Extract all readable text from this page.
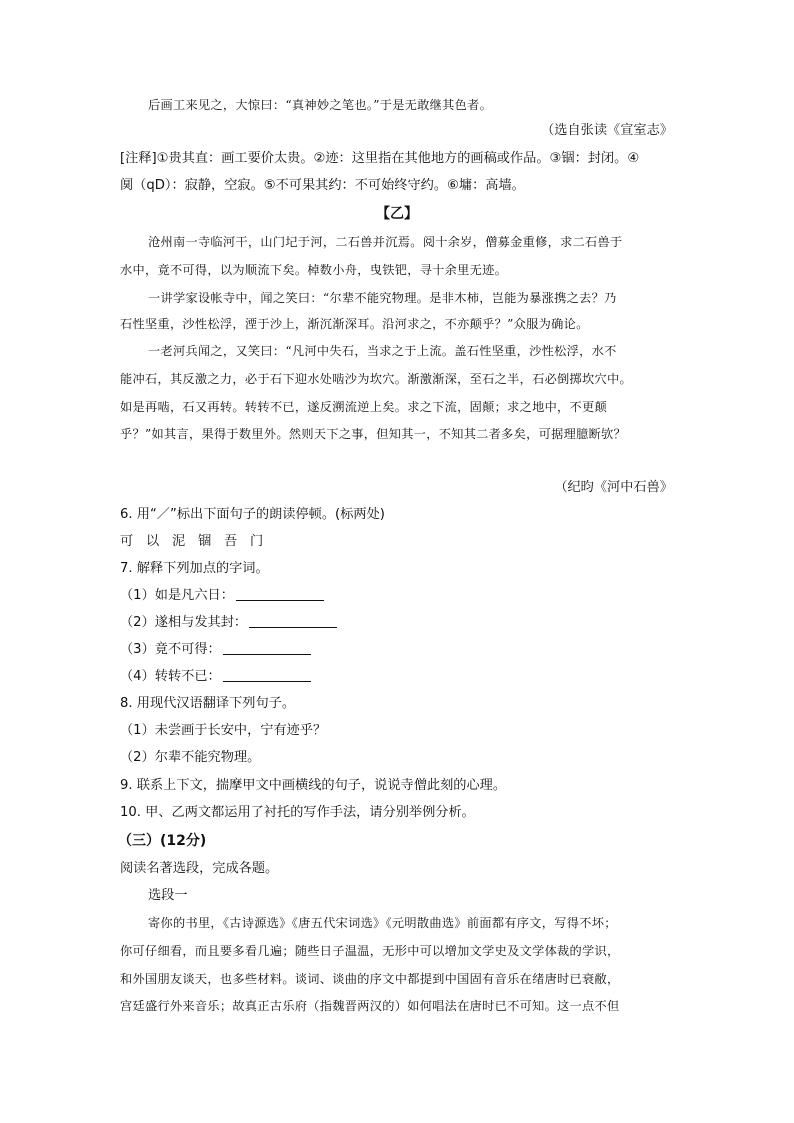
后画工来见之，大惊曰：“真神妙之笔也。”于是无敢继其色者。
（选自张读《宣室志》
[注释]①贵其直：画工要价太贵。②迹：这里指在其他地方的画稿或作品。③锢：封闭。④
阒（qD）：寂静，空寂。⑤不可果其约：不可始终守约。⑥墉：高墙。
【乙】
沧州南一寺临河干，山门圮于河，二石兽并沉焉。阅十余岁，僧募金重修，求二石兽于
水中，竟不可得，以为顺流下矣。棹数小舟，曳铁钯，寻十余里无迹。
一讲学家设帐寺中，闻之笑曰：“尔辈不能究物理。是非木柿，岂能为暴涨携之去？乃
石性坚重，沙性松浮，湮于沙上，渐沉渐深耳。沿河求之，不亦颠乎？”众服为确论。
一老河兵闻之，又笑曰：“凡河中失石，当求之于上流。盖石性坚重，沙性松浮，水不
能冲石，其反激之力，必于石下迎水处啮沙为坎穴。渐激渐深，至石之半，石必倒掷坎穴中。
如是再啮，石又再转。转转不已，遂反溯流逆上矣。求之下流，固颠；求之地中，不更颠
乎？”如其言，果得于数里外。然则天下之事，但知其一，不知其二者多矣，可据理臆断欤？
（纪昀《河中石兽》
6. 用“／”标出下面句子的朗读停顿。(标两处)
可 以 泥 锢 吾 门
7. 解释下列加点的字词。
（1）如是凡六日：
（2）遂相与发其封：
（3）竟不可得：
（4）转转不已：
8. 用现代汉语翻译下列句子。
（1）未尝画于长安中，宁有迹乎？
（2）尔辈不能究物理。
9. 联系上下文，揣摩甲文中画横线的句子，说说寺僧此刻的心理。
10. 甲、乙两文都运用了衬托的写作手法，请分别举例分析。
（三）(12分)
阅读名著选段，完成各题。
选段一
寄你的书里，《古诗源选》《唐五代宋词选》《元明散曲选》前面都有序文，写得不坏；
你可仔细看，而且要多看几遍；随些日子温温，无形中可以增加文学史及文学体裁的学识，
和外国朋友谈天，也多些材料。谈词、谈曲的序文中都提到中国固有音乐在绪唐时已衰敝，
宫廷盛行外来音乐；故真正古乐府（指魏晋两汉的）如何唱法在唐时已不可知。这一点不但
